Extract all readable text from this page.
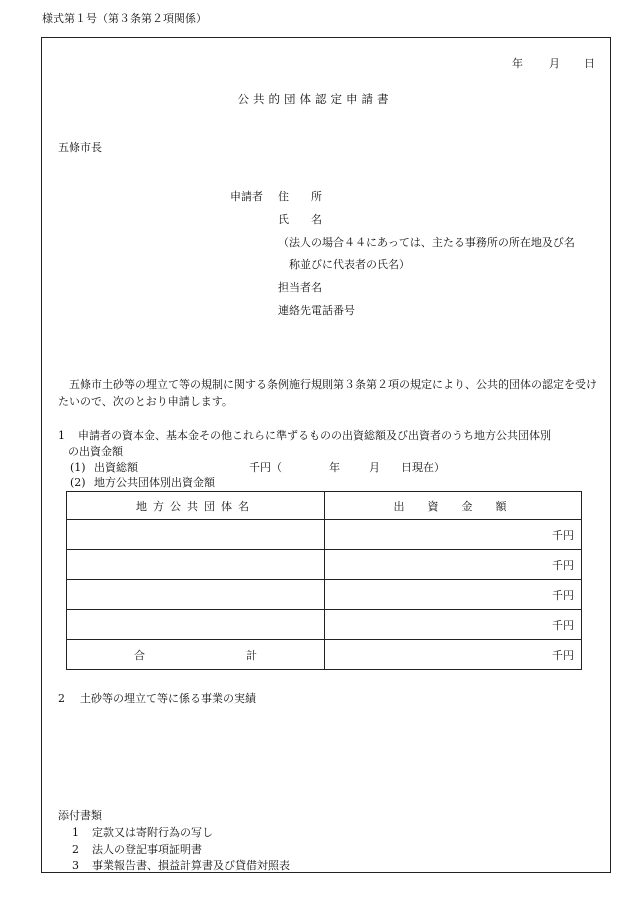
様式第１号（第３条第２項関係）
年 月 日
公共的団体認定申請書
五條市長
申請者 住　　所
氏　　名
（法人の場合４４にあっては、主たる事務所の所在地及び名
称並びに代表者の氏名）
担当者名
連絡先電話番号
五條市土砂等の埋立て等の規制に関する条例施行規則第３条第２項の規定により、公共的団体の認定を受けたいので、次のとおり申請します。
1 申請者の資本金、基本金その他これらに準ずるものの出資総額及び出資者のうち地方公共団体別
の出資金額
(1) 出資総額	千円（	年	月 日現在）
(2) 地方公共団体別出資金額
地方公共団体名	出　資　金　額
	千円
	千円
	千円
	千円

合 計	千円
2 土砂等の埋立て等に係る事業の実績
添付書類
1 定款又は寄附行為の写し
2 法人の登記事項証明書
3 事業報告書、損益計算書及び貸借対照表
